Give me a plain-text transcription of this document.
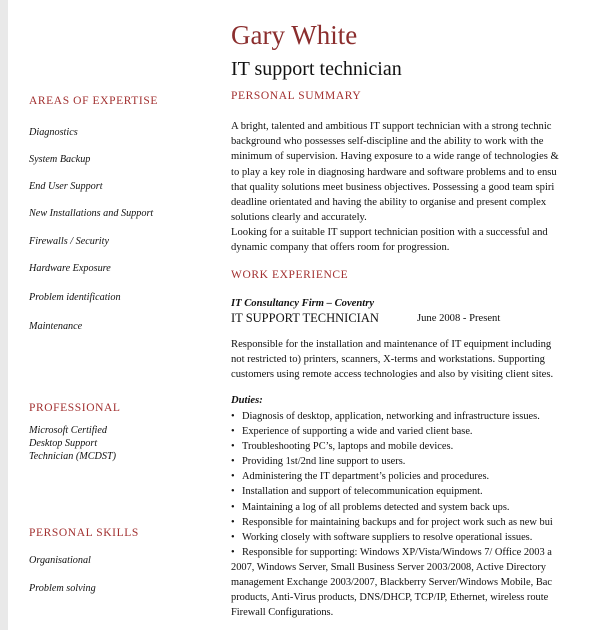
AREAS OF EXPERTISE

Diagnostics

System Backup

End User Support

New Installations and Support

Firewalls / Security

Hardware Exposure

Problem identification

Maintenance

PROFESSIONAL

Microsoft Certified

Desktop Support

Technician (MCDST)

PERSONAL SKILLS

Organisational

Problem solving

Gary White

IT support technician

PERSONAL SUMMARY

A bright, talented and ambitious IT support technician with a strong technic
background who possesses self-discipline and the ability to work with the
minimum of supervision. Having exposure to a wide range of technologies &
to play a key role in diagnosing hardware and software problems and to ensu
that quality solutions meet business objectives. Possessing a good team spiri
deadline orientated and having the ability to organise and present complex
solutions clearly and accurately.
Looking for a suitable IT support technician position with a successful and
dynamic company that offers room for progression.

WORK EXPERIENCE

IT Consultancy Firm – Coventry

IT SUPPORT TECHNICIAN	June 2008 - Present

Responsible for the installation and maintenance of IT equipment including
not restricted to) printers, scanners, X-terms and workstations. Supporting
customers using remote access technologies and also by visiting client sites.

Duties:

• Diagnosis of desktop, application, networking and infrastructure issues.
• Experience of supporting a wide and varied client base.
• Troubleshooting PC’s, laptops and mobile devices.
• Providing 1st/2nd line support to users.
• Administering the IT department’s policies and procedures.
• Installation and support of telecommunication equipment.
• Maintaining a log of all problems detected and system back ups.
• Responsible for maintaining backups and for project work such as new bui
• Working closely with software suppliers to resolve operational issues.
• Responsible for supporting: Windows XP/Vista/Windows 7/ Office 2003 a
2007, Windows Server, Small Business Server 2003/2008, Active Directory
management Exchange 2003/2007, Blackberry Server/Windows Mobile, Bac
products, Anti-Virus products, DNS/DHCP, TCP/IP, Ethernet, wireless route
Firewall Configurations.
